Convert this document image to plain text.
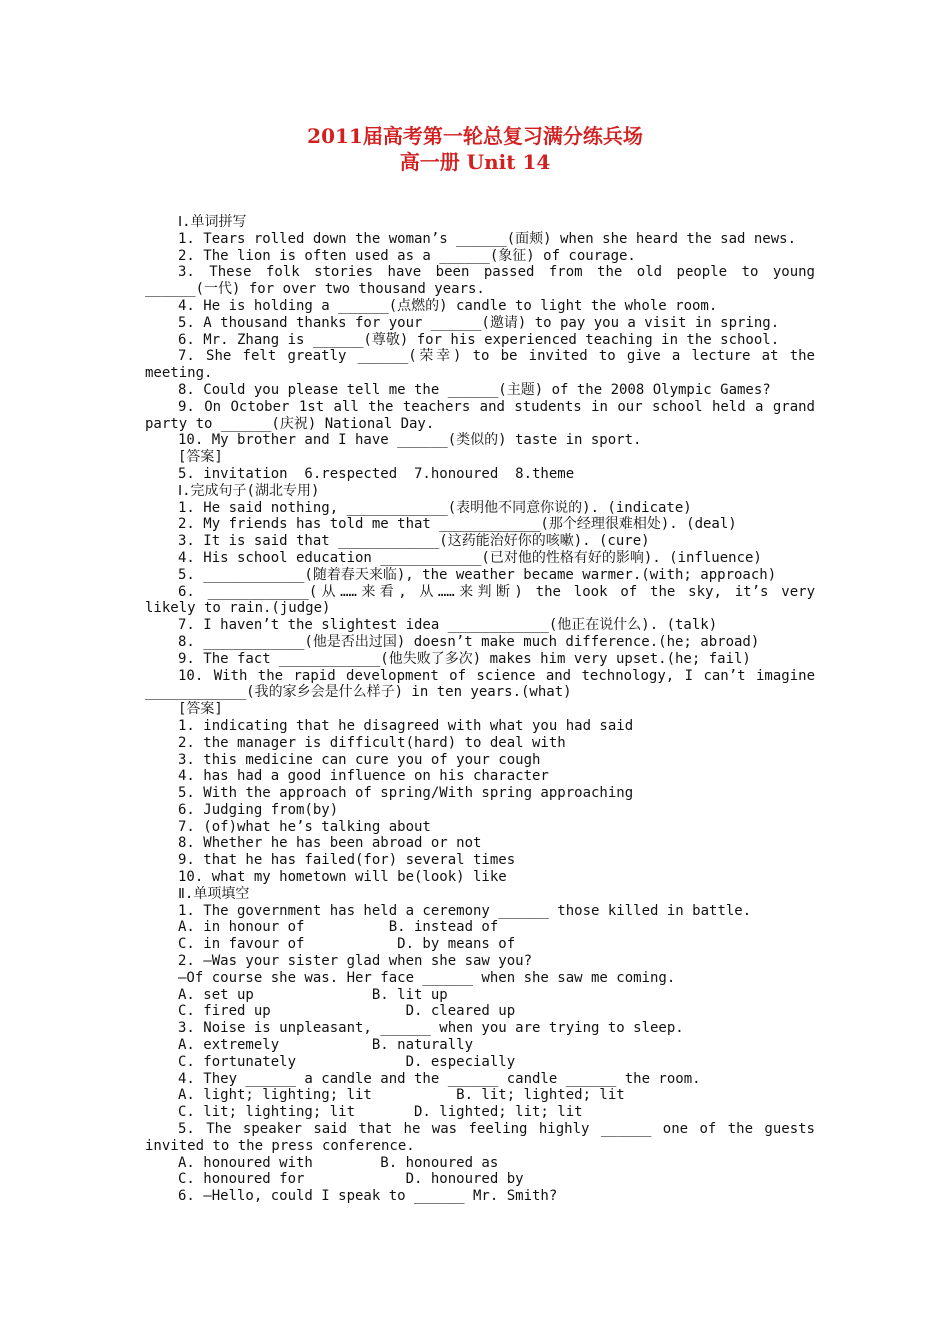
2011届高考第一轮总复习满分练兵场
高一册 Unit 14
Ⅰ.单词拼写
1. Tears rolled down the woman’s ______(面颊) when she heard the sad news.
2. The lion is often used as a ______(象征) of courage.
3. These folk stories have been passed from the old people to young
______(一代) for over two thousand years.
4. He is holding a ______(点燃的) candle to light the whole room.
5. A thousand thanks for your ______(邀请) to pay you a visit in spring.
6. Mr. Zhang is ______(尊敬) for his experienced teaching in the school.
7. She felt greatly ______(荣幸) to be invited to give a lecture at the
meeting.
8. Could you please tell me the ______(主题) of the 2008 Olympic Games?
9. On October 1st all the teachers and students in our school held a grand
party to ______(庆祝) National Day.
10. My brother and I have ______(类似的) taste in sport.
[答案]
5. invitation  6.respected  7.honoured  8.theme
Ⅰ.完成句子(湖北专用)
1. He said nothing, ____________(表明他不同意你说的). (indicate)
2. My friends has told me that ____________(那个经理很难相处). (deal)
3. It is said that ____________(这药能治好你的咳嗽). (cure)
4. His school education ____________(已对他的性格有好的影响). (influence)
5. ____________(随着春天来临), the weather became warmer.(with; approach)
6. ____________(从……来看, 从……来判断) the look of the sky, it’s very
likely to rain.(judge)
7. I haven’t the slightest idea ____________(他正在说什么). (talk)
8. ____________(他是否出过国) doesn’t make much difference.(he; abroad)
9. The fact ____________(他失败了多次) makes him very upset.(he; fail)
10. With the rapid development of science and technology, I can’t imagine
____________(我的家乡会是什么样子) in ten years.(what)
[答案]
1. indicating that he disagreed with what you had said
2. the manager is difficult(hard) to deal with
3. this medicine can cure you of your cough
4. has had a good influence on his character
5. With the approach of spring/With spring approaching
6. Judging from(by)
7. (of)what he’s talking about
8. Whether he has been abroad or not
9. that he has failed(for) several times
10. what my hometown will be(look) like
Ⅱ.单项填空
1. The government has held a ceremony ______ those killed in battle.
A. in honour of          B. instead of
C. in favour of           D. by means of
2. —Was your sister glad when she saw you?
—Of course she was. Her face ______ when she saw me coming.
A. set up              B. lit up
C. fired up                D. cleared up
3. Noise is unpleasant, ______ when you are trying to sleep.
A. extremely           B. naturally
C. fortunately             D. especially
4. They ______ a candle and the ______ candle ______ the room.
A. light; lighting; lit          B. lit; lighted; lit
C. lit; lighting; lit       D. lighted; lit; lit
5. The speaker said that he was feeling highly ______ one of the guests
invited to the press conference.
A. honoured with        B. honoured as
C. honoured for            D. honoured by
6. —Hello, could I speak to ______ Mr. Smith?
